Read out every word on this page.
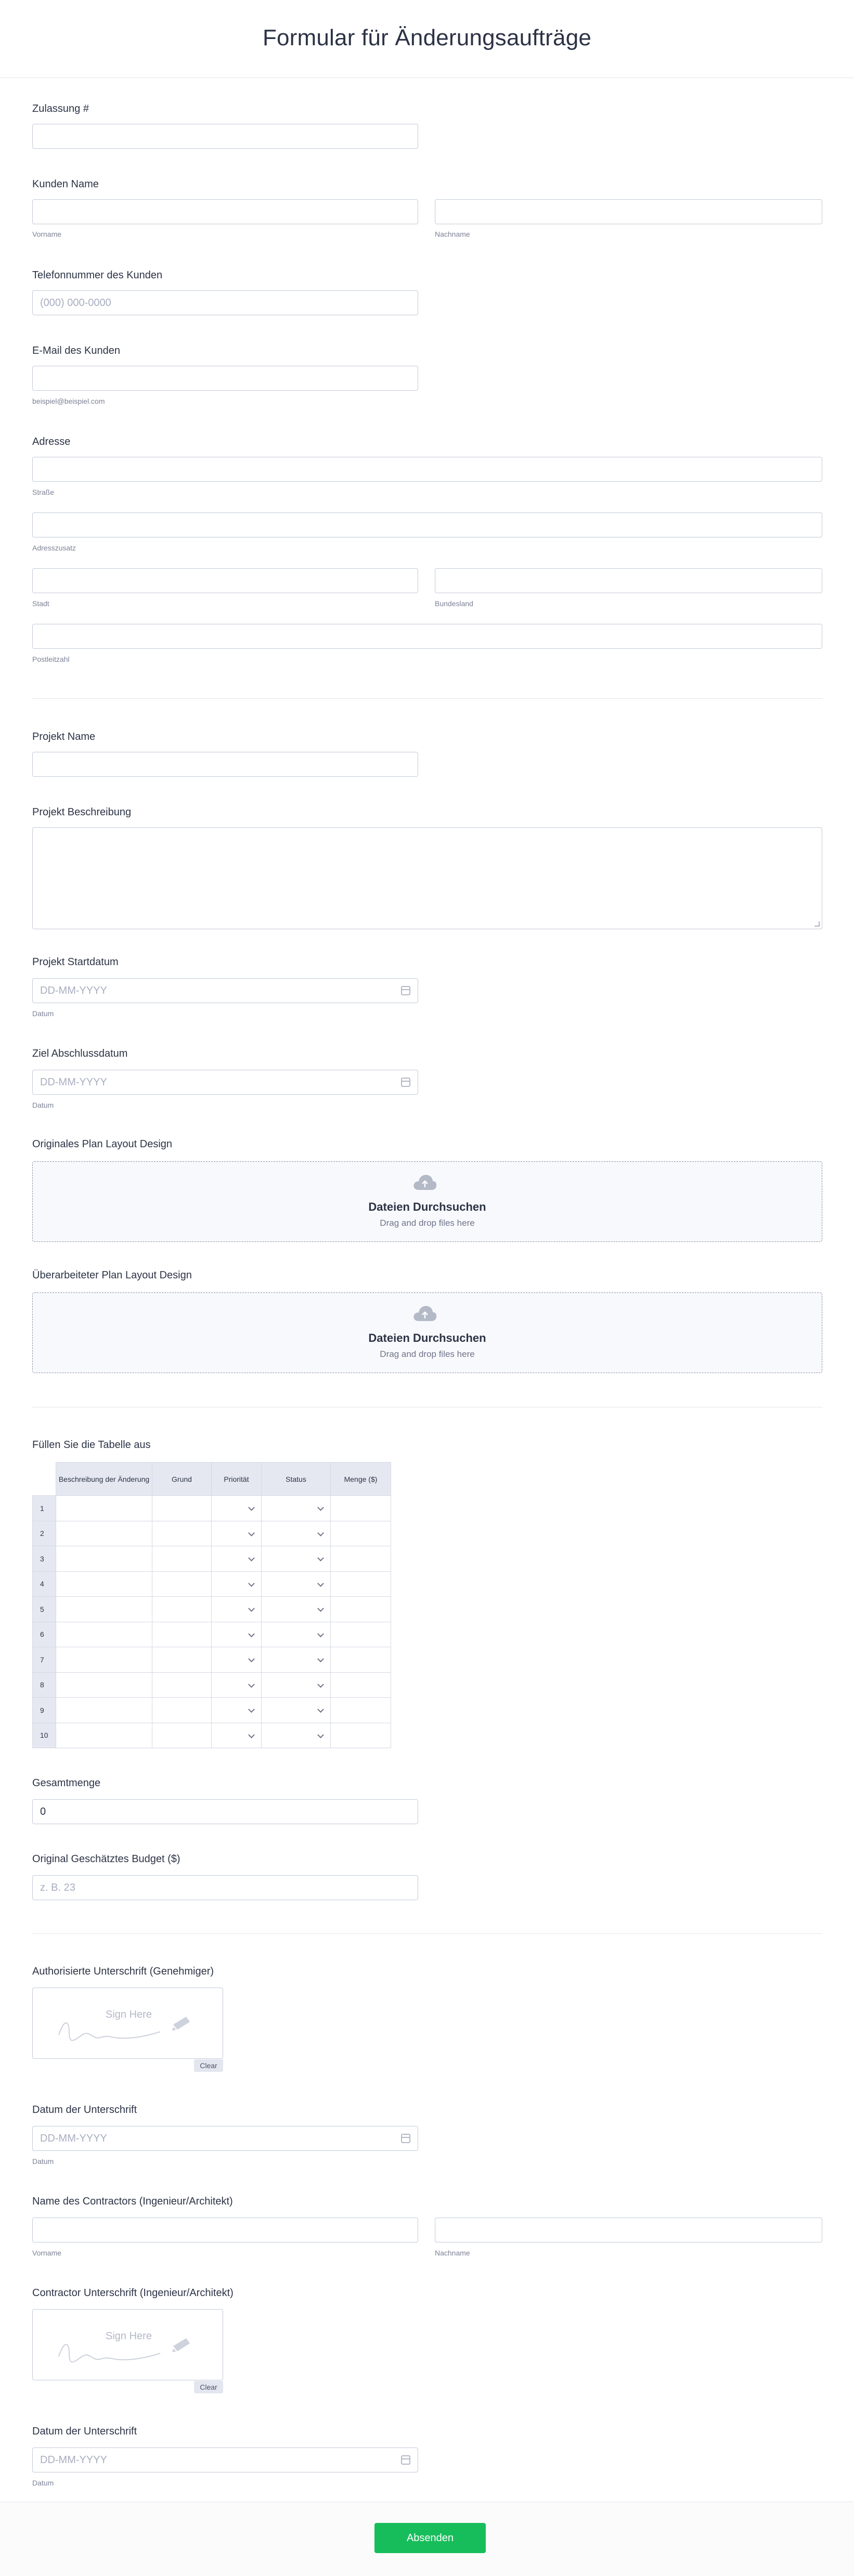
Formular für Änderungsaufträge
Zulassung #
Kunden Name
Vorname	Nachname
Telefonnummer des Kunden
(000) 000-0000
E-Mail des Kunden
beispiel@beispiel.com
Adresse
Straße
Adresszusatz
Stadt	Bundesland
Postleitzahl
Projekt Name
Projekt Beschreibung
Projekt Startdatum
DD-MM-YYYY
Datum
Ziel Abschlussdatum
DD-MM-YYYY
Datum
Originales Plan Layout Design
Dateien Durchsuchen
Drag and drop files here
Überarbeiteter Plan Layout Design
Dateien Durchsuchen
Drag and drop files here
Füllen Sie die Tabelle aus
	Beschreibung der Änderung	Grund	Priorität	Status	Menge ($)
1			

2			

3			

4			

5			

6			

7			

8			

9			

10			

Gesamtmenge
0
Original Geschätztes Budget ($)
z. B. 23
Authorisierte Unterschrift (Genehmiger)
Sign Here
Clear
Datum der Unterschrift
DD-MM-YYYY
Datum
Name des Contractors (Ingenieur/Architekt)
Vorname	Nachname
Contractor Unterschrift (Ingenieur/Architekt)
Sign Here
Clear
Datum der Unterschrift
DD-MM-YYYY
Datum
Absenden
